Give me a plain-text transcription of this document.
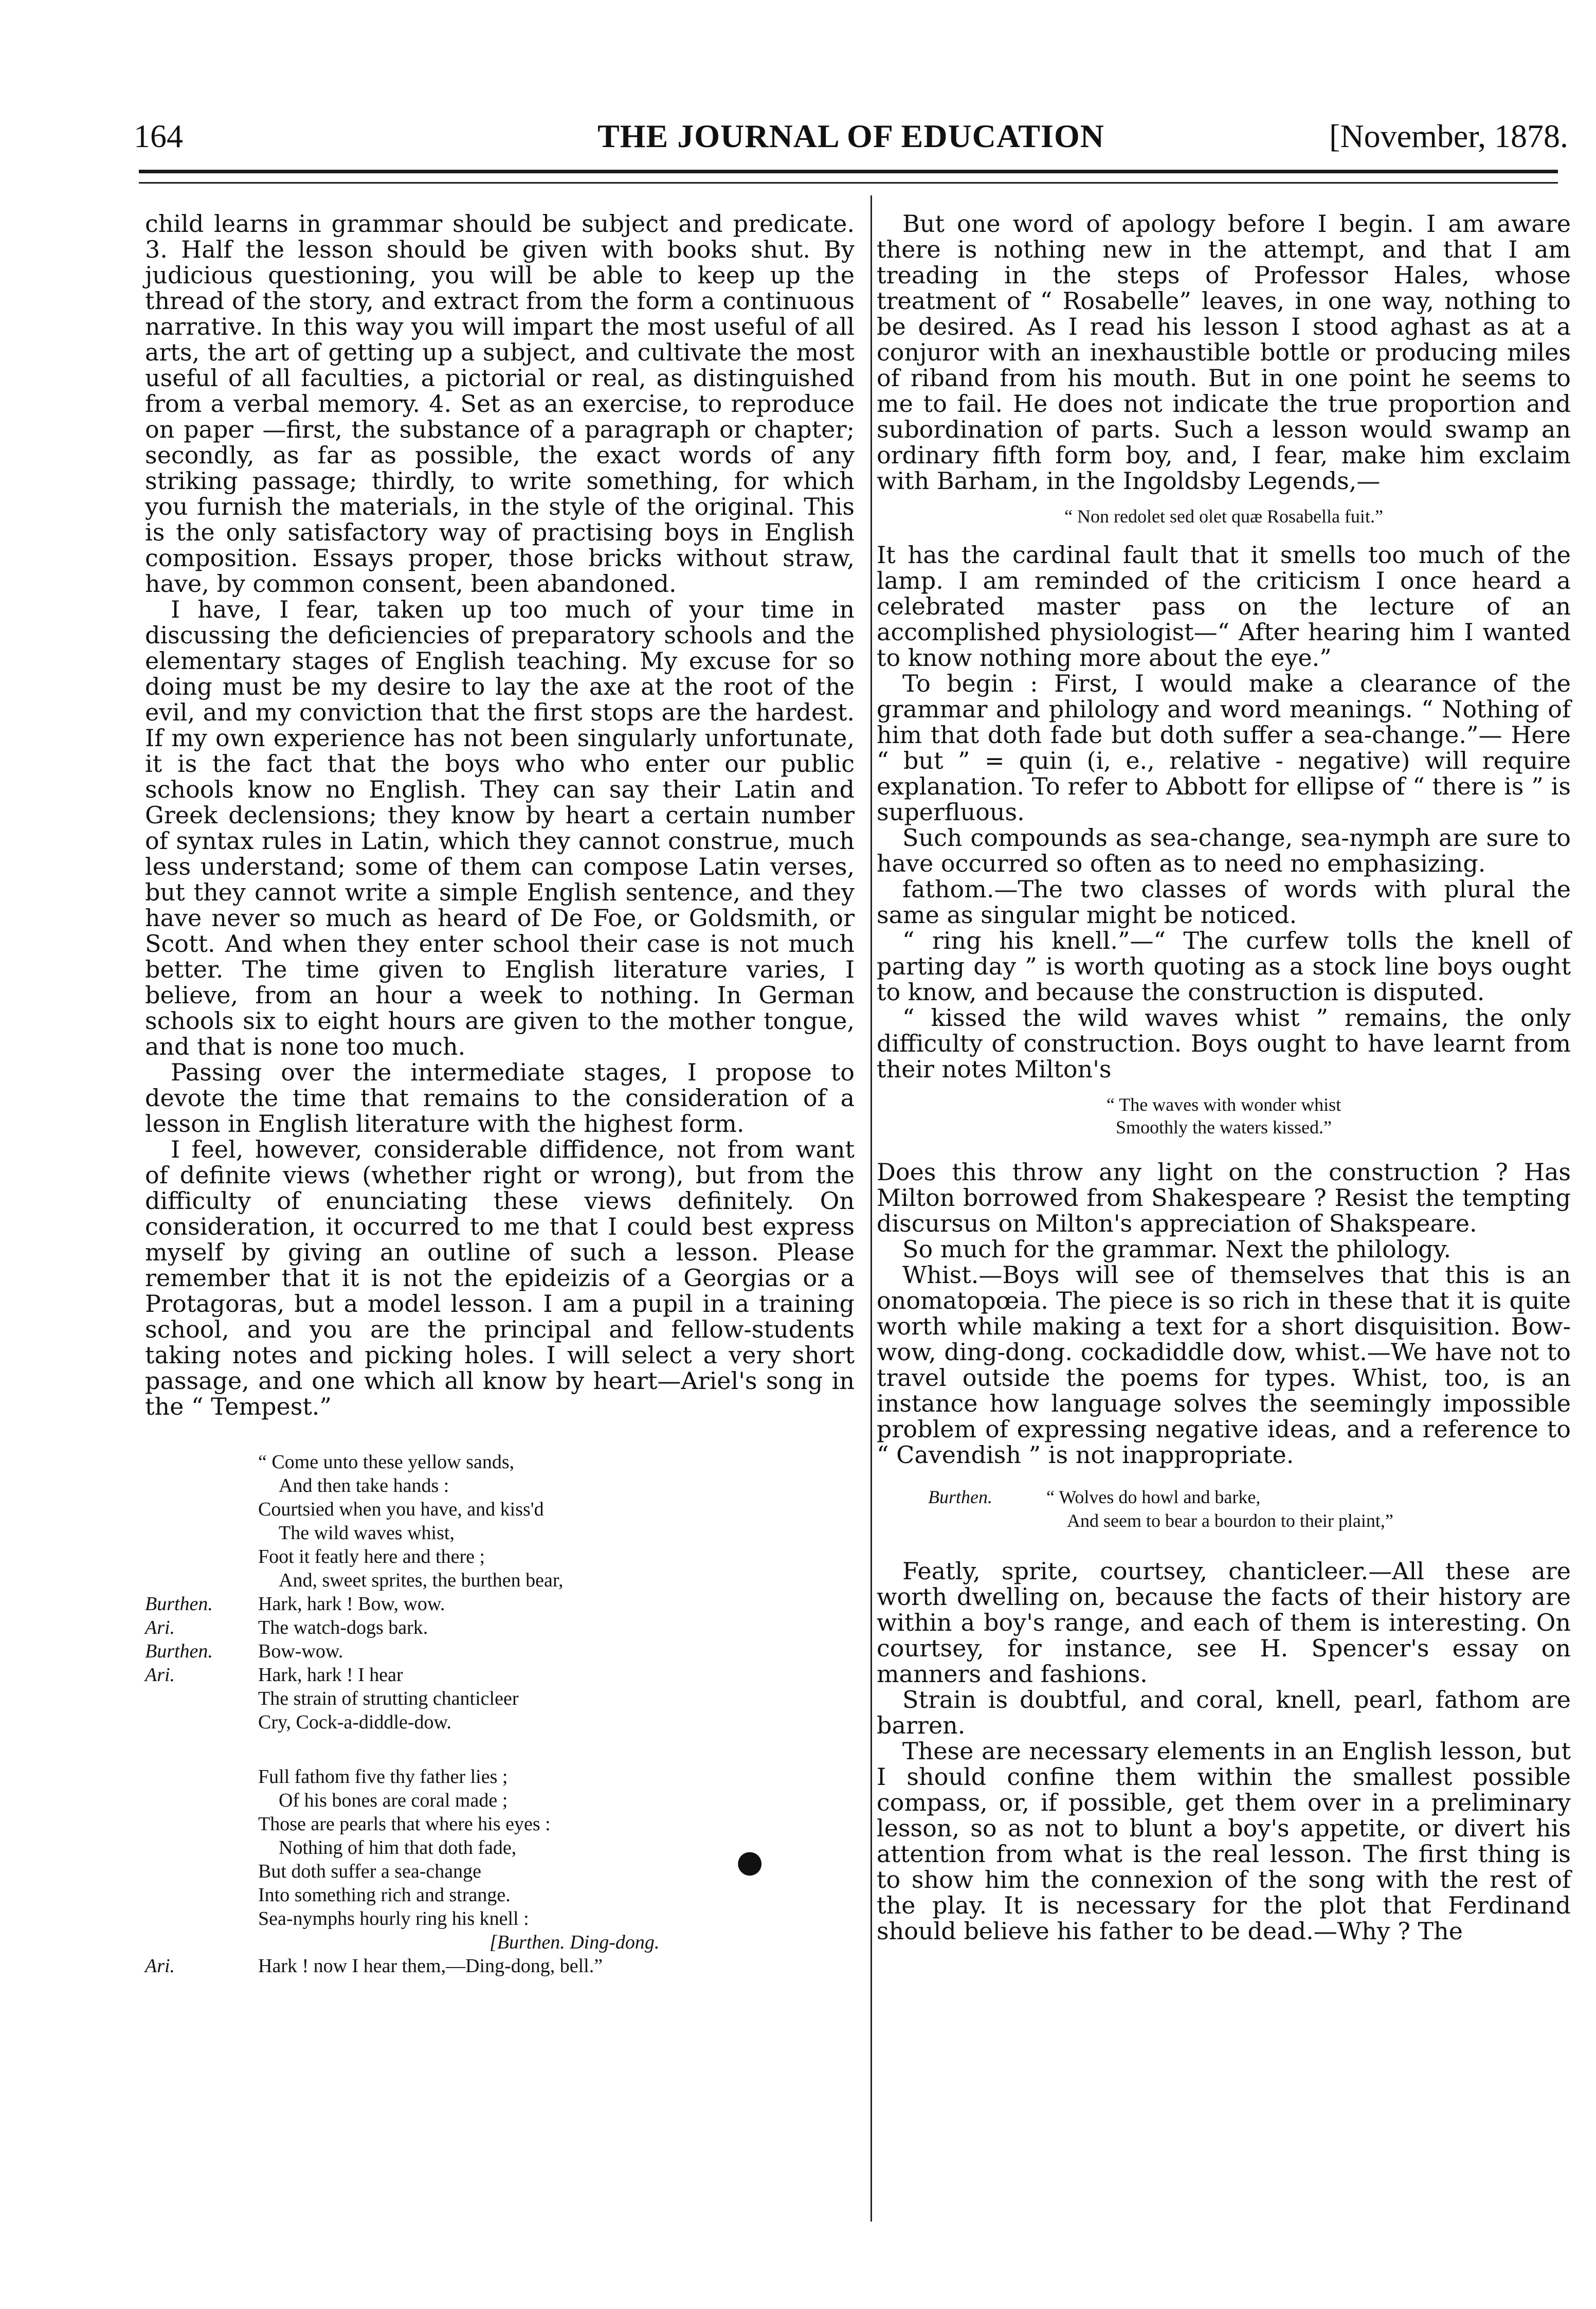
164	THE JOURNAL OF EDUCATION	[November, 1878.

child learns in grammar should be subject and predicate. 3. Half the lesson should be given with books shut. By judicious questioning, you will be able to keep up the thread of the story, and extract from the form a continuous narrative. In this way you will impart the most useful of all arts, the art of getting up a subject, and cultivate the most useful of all faculties, a pictorial or real, as distinguished from a verbal memory. 4. Set as an exercise, to reproduce on paper —first, the substance of a paragraph or chapter; secondly, as far as possible, the exact words of any striking passage; thirdly, to write something, for which you furnish the materials, in the style of the original. This is the only satisfactory way of practising boys in English composition. Essays proper, those bricks without straw, have, by common consent, been abandoned.

I have, I fear, taken up too much of your time in discussing the deficiencies of preparatory schools and the elementary stages of English teaching. My excuse for so doing must be my desire to lay the axe at the root of the evil, and my conviction that the first stops are the hardest. If my own experience has not been singularly unfortunate, it is the fact that the boys who who enter our public schools know no English. They can say their Latin and Greek declensions; they know by heart a certain number of syntax rules in Latin, which they cannot construe, much less understand; some of them can compose Latin verses, but they cannot write a simple English sentence, and they have never so much as heard of De Foe, or Goldsmith, or Scott. And when they enter school their case is not much better. The time given to English literature varies, I believe, from an hour a week to nothing. In German schools six to eight hours are given to the mother tongue, and that is none too much.

Passing over the intermediate stages, I propose to devote the time that remains to the consideration of a lesson in English literature with the highest form.

I feel, however, considerable diffidence, not from want of definite views (whether right or wrong), but from the difficulty of enunciating these views definitely. On consideration, it occurred to me that I could best express myself by giving an outline of such a lesson. Please remember that it is not the epideizis of a Georgias or a Protagoras, but a model lesson. I am a pupil in a training school, and you are the principal and fellow-students taking notes and picking holes. I will select a very short passage, and one which all know by heart—Ariel's song in the “ Tempest.”

“ Come unto these yellow sands,
And then take hands :
Courtsied when you have, and kiss'd
The wild waves whist,
Foot it featly here and there ;
And, sweet sprites, the burthen bear,
Burthen. Hark, hark ! Bow, wow.
Ari.	The watch-dogs bark.
Burthen. Bow-wow.
Ari.	Hark, hark ! I hear
The strain of strutting chanticleer
Cry, Cock-a-diddle-dow.
Full fathom five thy father lies ;
Of his bones are coral made ;
Those are pearls that where his eyes :
Nothing of him that doth fade,
But doth suffer a sea-change
Into something rich and strange.
Sea-nymphs hourly ring his knell :
[Burthen. Ding-dong.
Ari.	Hark ! now I hear them,—Ding-dong, bell.”
●

But one word of apology before I begin. I am aware there is nothing new in the attempt, and that I am treading in the steps of Professor Hales, whose treatment of “ Rosabelle” leaves, in one way, nothing to be desired. As I read his lesson I stood aghast as at a conjuror with an inexhaustible bottle or producing miles of riband from his mouth. But in one point he seems to me to fail. He does not indicate the true proportion and subordination of parts. Such a lesson would swamp an ordinary fifth form boy, and, I fear, make him exclaim with Barham, in the Ingoldsby Legends,—

“ Non redolet sed olet quæ Rosabella fuit.”

It has the cardinal fault that it smells too much of the lamp. I am reminded of the criticism I once heard a celebrated master pass on the lecture of an accomplished physiologist—“ After hearing him I wanted to know nothing more about the eye.”

To begin : First, I would make a clearance of the grammar and philology and word meanings. “ Nothing of him that doth fade but doth suffer a sea-change.”— Here “ but ” = quin (i, e., relative - negative) will require explanation. To refer to Abbott for ellipse of “ there is ” is superfluous.

Such compounds as sea-change, sea-nymph are sure to have occurred so often as to need no emphasizing.

fathom.—The two classes of words with plural the same as singular might be noticed.

“ ring his knell.”—“ The curfew tolls the knell of parting day ” is worth quoting as a stock line boys ought to know, and because the construction is disputed.

“ kissed the wild waves whist ” remains, the only difficulty of construction. Boys ought to have learnt from their notes Milton's

“ The waves with wonder whist
Smoothly the waters kissed.”

Does this throw any light on the construction ? Has Milton borrowed from Shakespeare ? Resist the tempting discursus on Milton's appreciation of Shakspeare.

So much for the grammar. Next the philology.

Whist.—Boys will see of themselves that this is an onomatopœia. The piece is so rich in these that it is quite worth while making a text for a short disquisition. Bow-wow, ding-dong. cockadiddle dow, whist.—We have not to travel outside the poems for types. Whist, too, is an instance how language solves the seemingly impossible problem of expressing negative ideas, and a reference to “ Cavendish ” is not inappropriate.

Burthen.	“ Wolves do howl and barke,
And seem to bear a bourdon to their plaint,”

Featly, sprite, courtsey, chanticleer.—All these are worth dwelling on, because the facts of their history are within a boy's range, and each of them is interesting. On courtsey, for instance, see H. Spencer's essay on manners and fashions.

Strain is doubtful, and coral, knell, pearl, fathom are barren.

These are necessary elements in an English lesson, but I should confine them within the smallest possible compass, or, if possible, get them over in a preliminary lesson, so as not to blunt a boy's appetite, or divert his attention from what is the real lesson. The first thing is to show him the connexion of the song with the rest of the play. It is necessary for the plot that Ferdinand should believe his father to be dead.—Why ? The
